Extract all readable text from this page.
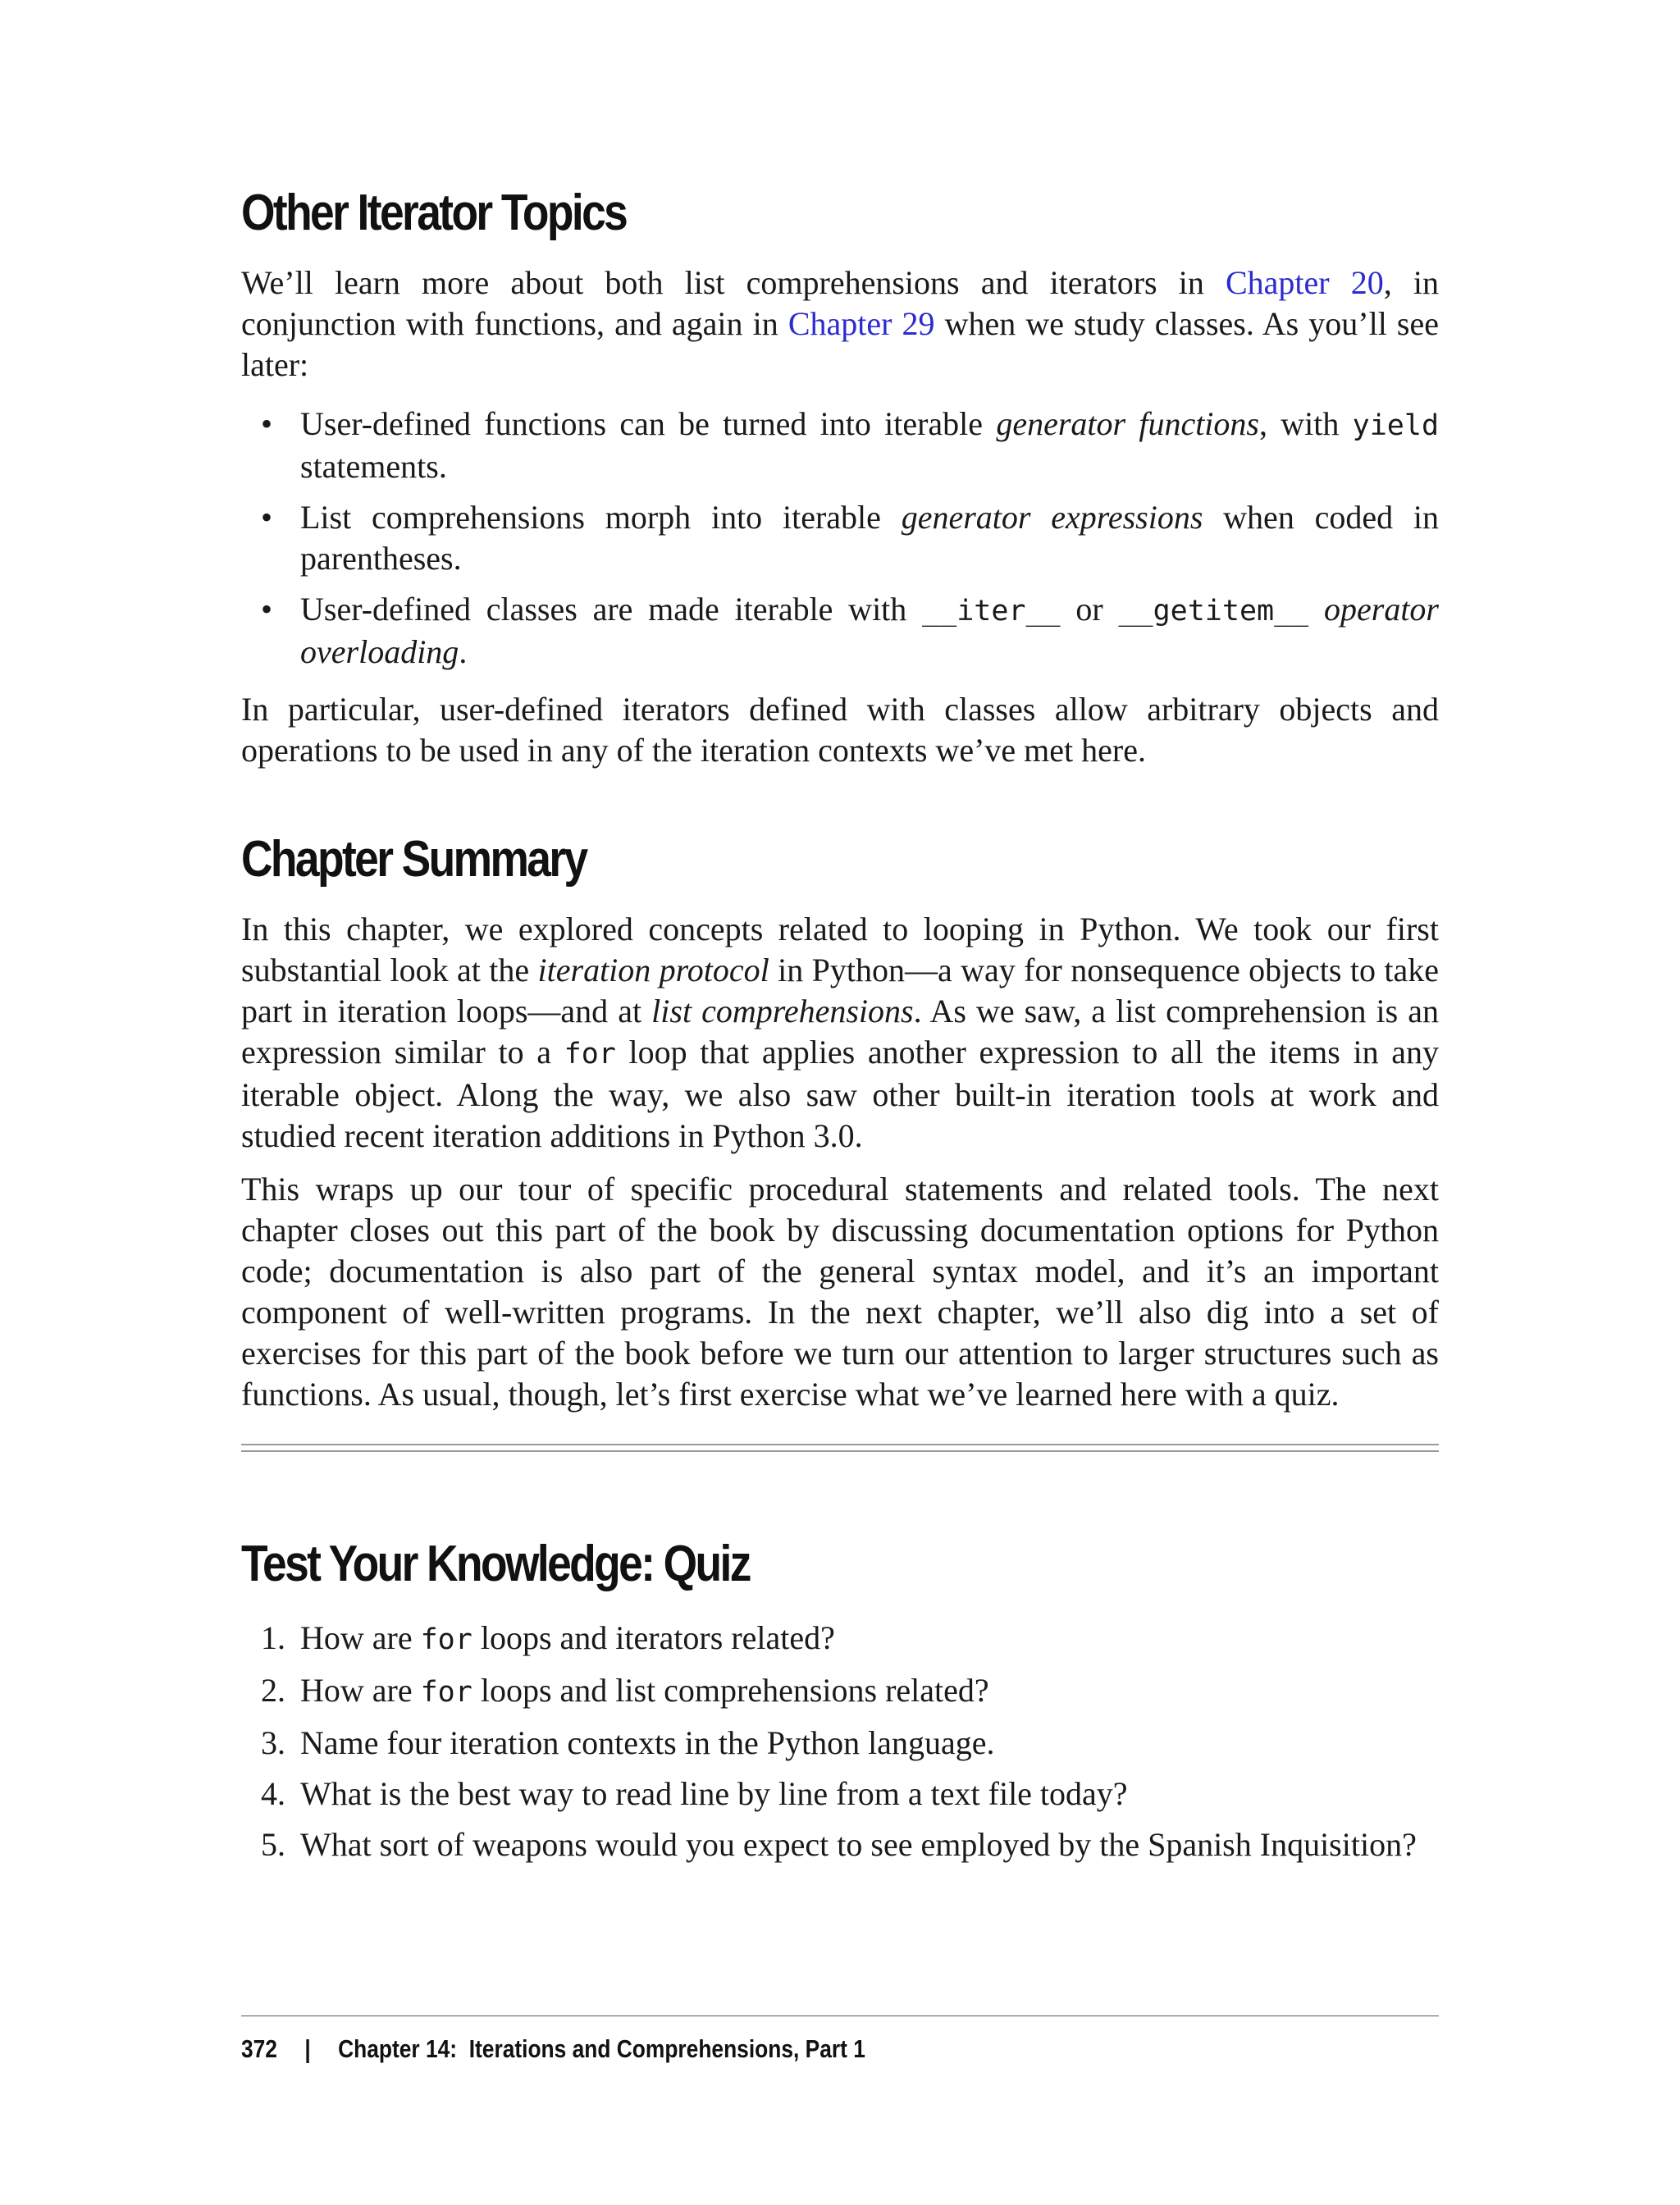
Other Iterator Topics

We’ll learn more about both list comprehensions and iterators in Chapter 20, in conjunction with functions, and again in Chapter 29 when we study classes. As you’ll see later:

• User-defined functions can be turned into iterable generator functions, with yield statements.
• List comprehensions morph into iterable generator expressions when coded in parentheses.
• User-defined classes are made iterable with __iter__ or __getitem__ operator overloading.

In particular, user-defined iterators defined with classes allow arbitrary objects and operations to be used in any of the iteration contexts we’ve met here.

Chapter Summary

In this chapter, we explored concepts related to looping in Python. We took our first substantial look at the iteration protocol in Python—a way for nonsequence objects to take part in iteration loops—and at list comprehensions. As we saw, a list comprehension is an expression similar to a for loop that applies another expression to all the items in any iterable object. Along the way, we also saw other built-in iteration tools at work and studied recent iteration additions in Python 3.0.

This wraps up our tour of specific procedural statements and related tools. The next chapter closes out this part of the book by discussing documentation options for Python code; documentation is also part of the general syntax model, and it’s an important component of well-written programs. In the next chapter, we’ll also dig into a set of exercises for this part of the book before we turn our attention to larger structures such as functions. As usual, though, let’s first exercise what we’ve learned here with a quiz.

Test Your Knowledge: Quiz
1. How are for loops and iterators related?
2. How are for loops and list comprehensions related?
3. Name four iteration contexts in the Python language.
4. What is the best way to read line by line from a text file today?
5. What sort of weapons would you expect to see employed by the Spanish Inquisition?
372 | Chapter 14:  Iterations and Comprehensions, Part 1
